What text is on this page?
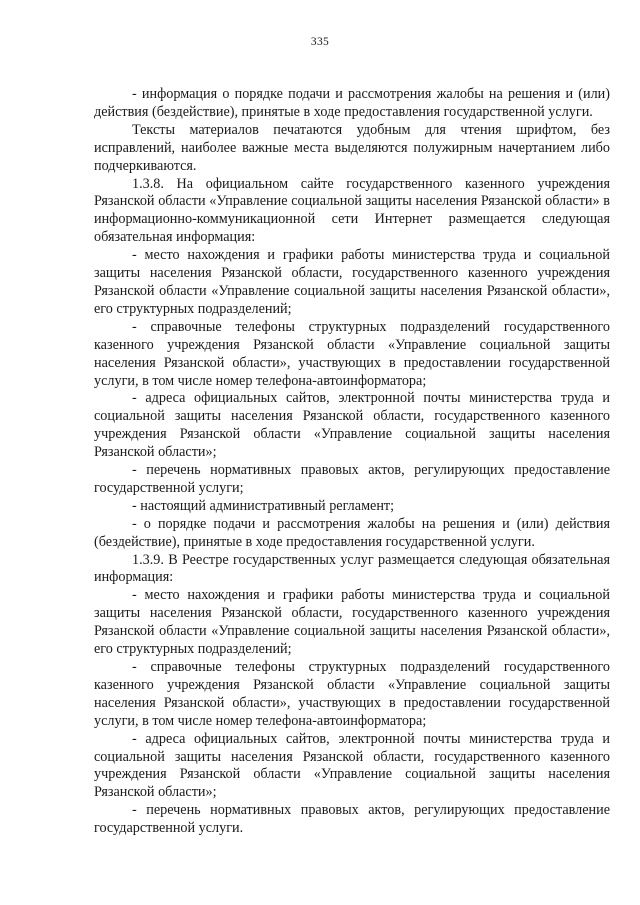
335

- информация о порядке подачи и рассмотрения жалобы на решения и (или) действия (бездействие), принятые в ходе предоставления государственной услуги.

Тексты материалов печатаются удобным для чтения шрифтом, без исправлений, наиболее важные места выделяются полужирным начертанием либо подчеркиваются.

1.3.8. На официальном сайте государственного казенного учреждения Рязанской области «Управление социальной защиты населения Рязанской области» в информационно-коммуникационной сети Интернет размещается следующая обязательная информация:

- место нахождения и графики работы министерства труда и социальной защиты населения Рязанской области, государственного казенного учреждения Рязанской области «Управление социальной защиты населения Рязанской области», его структурных подразделений;

- справочные телефоны структурных подразделений государственного казенного учреждения Рязанской области «Управление социальной защиты населения Рязанской области», участвующих в предоставлении государственной услуги, в том числе номер телефона-автоинформатора;

- адреса официальных сайтов, электронной почты министерства труда и социальной защиты населения Рязанской области, государственного казенного учреждения Рязанской области «Управление социальной защиты населения Рязанской области»;

- перечень нормативных правовых актов, регулирующих предоставление государственной услуги;

- настоящий административный регламент;

- о порядке подачи и рассмотрения жалобы на решения и (или) действия (бездействие), принятые в ходе предоставления государственной услуги.

1.3.9. В Реестре государственных услуг размещается следующая обязательная информация:

- место нахождения и графики работы министерства труда и социальной защиты населения Рязанской области, государственного казенного учреждения Рязанской области «Управление социальной защиты населения Рязанской области», его структурных подразделений;

- справочные телефоны структурных подразделений государственного казенного учреждения Рязанской области «Управление социальной защиты населения Рязанской области», участвующих в предоставлении государственной услуги, в том числе номер телефона-автоинформатора;

- адреса официальных сайтов, электронной почты министерства труда и социальной защиты населения Рязанской области, государственного казенного учреждения Рязанской области «Управление социальной защиты населения Рязанской области»;

- перечень нормативных правовых актов, регулирующих предоставление государственной услуги.
